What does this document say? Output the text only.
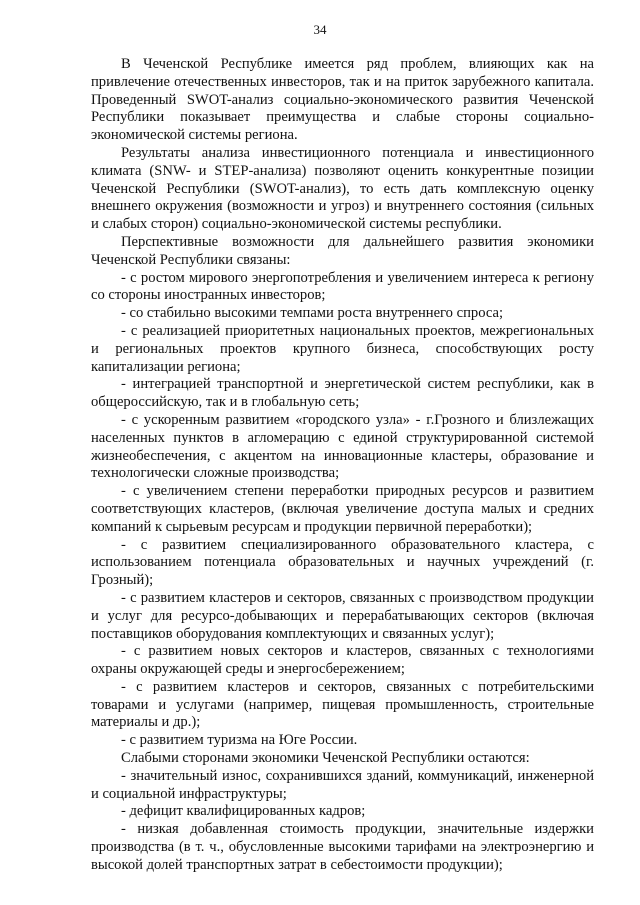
34

В Чеченской Республике имеется ряд проблем, влияющих как на привлечение отечественных инвесторов, так и на приток зарубежного капитала. Проведенный SWOT-анализ социально-экономического развития Чеченской Республики показывает преимущества и слабые стороны социально-экономической системы региона.

Результаты анализа инвестиционного потенциала и инвестиционного климата (SNW- и STEP-анализа) позволяют оценить конкурентные позиции Чеченской Республики (SWOT-анализ), то есть дать комплексную оценку внешнего окружения (возможности и угроз) и внутреннего состояния (сильных и слабых сторон) социально-экономической системы республики.

Перспективные возможности для дальнейшего развития экономики Чеченской Республики связаны:

- с ростом мирового энергопотребления и увеличением интереса к региону со стороны иностранных инвесторов;

- со стабильно высокими темпами роста внутреннего спроса;

- с реализацией приоритетных национальных проектов, межрегиональных и региональных проектов крупного бизнеса, способствующих росту капитализации региона;

- интеграцией транспортной и энергетической систем республики, как в общероссийскую, так и в глобальную сеть;

- с ускоренным развитием «городского узла» - г.Грозного и близлежащих населенных пунктов в агломерацию с единой структурированной системой жизнеобеспечения, с акцентом на инновационные кластеры, образование и технологически сложные производства;

- с увеличением степени переработки природных ресурсов и развитием соответствующих кластеров, (включая увеличение доступа малых и средних компаний к сырьевым ресурсам и продукции первичной переработки);

- с развитием специализированного образовательного кластера, с использованием потенциала образовательных и научных учреждений (г. Грозный);

- с развитием кластеров и секторов, связанных с производством продукции и услуг для ресурсо-добывающих и перерабатывающих секторов (включая поставщиков оборудования комплектующих и связанных услуг);

- с развитием новых секторов и кластеров, связанных с технологиями охраны окружающей среды и энергосбережением;

- с развитием кластеров и секторов, связанных с потребительскими товарами и услугами (например, пищевая промышленность, строительные материалы и др.);

- с развитием туризма на Юге России.

Слабыми сторонами экономики Чеченской Республики остаются:

- значительный износ, сохранившихся зданий, коммуникаций, инженерной и социальной инфраструктуры;

- дефицит квалифицированных кадров;

- низкая добавленная стоимость продукции, значительные издержки производства (в т. ч., обусловленные высокими тарифами на электроэнергию и высокой долей транспортных затрат в себестоимости продукции);
